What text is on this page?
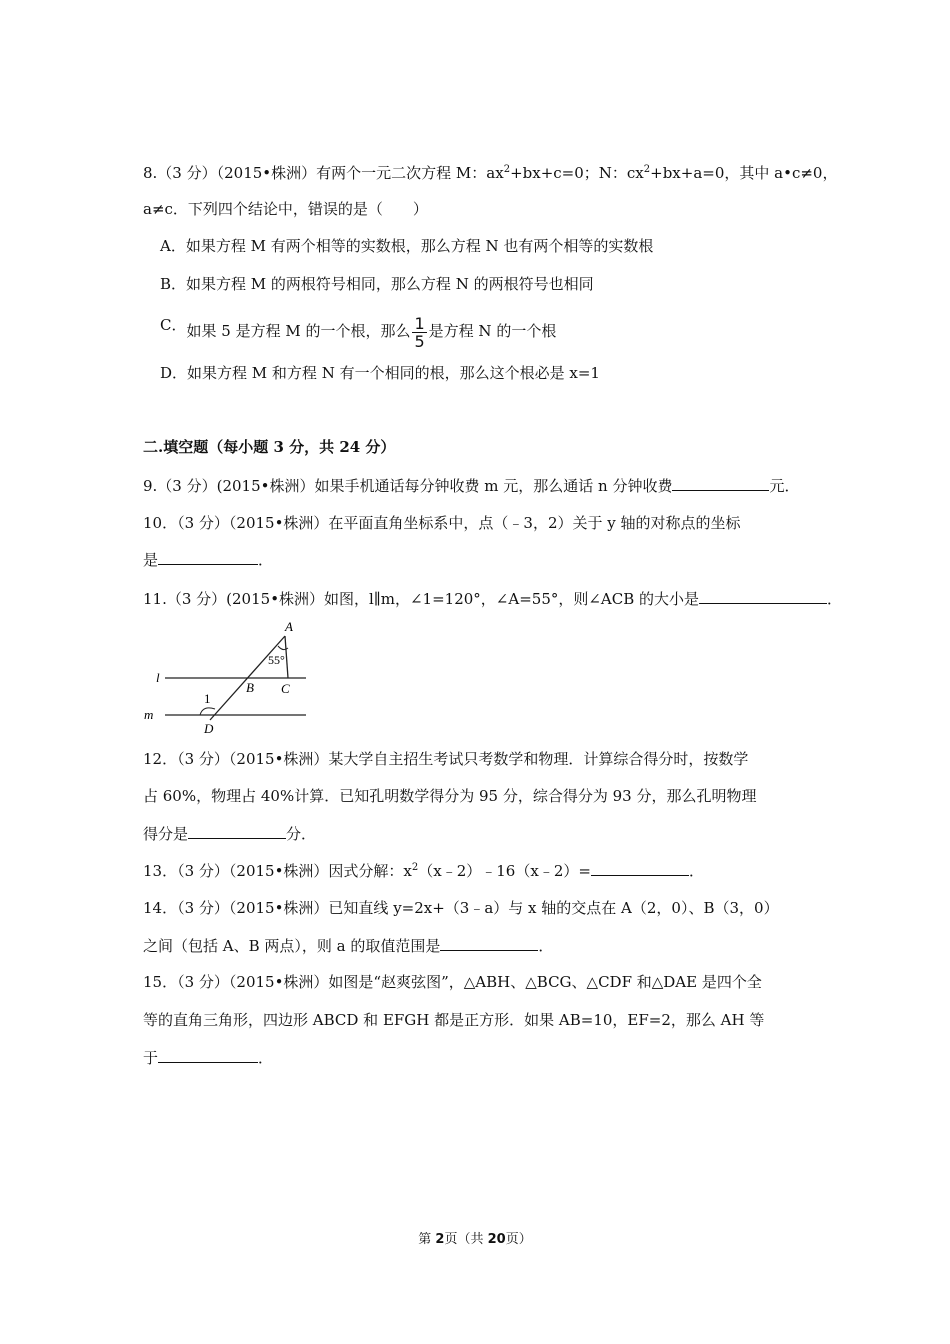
8.（3 分）（2015•株洲）有两个一元二次方程 M：$ax^2+bx+c=0$；N：$cx^2+bx+a=0$，其中 a•c≠0，
a≠c．下列四个结论中，错误的是（　　）
A．如果方程 M 有两个相等的实数根，那么方程 N 也有两个相等的实数根
B．如果方程 M 的两根符号相同，那么方程 N 的两根符号也相同
C．如果 5 是方程 M 的一个根，那么 $\frac{1}{5}$ 是方程 N 的一个根
D．如果方程 M 和方程 N 有一个相同的根，那么这个根必是 x=1
二.填空题（每小题 3 分，共 24 分）
9.（3 分）(2015•株洲）如果手机通话每分钟收费 m 元，那么通话 n 分钟收费	元．
10．（3 分）（2015•株洲）在平面直角坐标系中，点（﹣3，2）关于 y 轴的对称点的坐标
是	．
11.（3 分）(2015•株洲）如图，l∥m，∠1=120°，∠A=55°，则∠ACB 的大小是	．
A
55°
l
B C
1
m
D
12．（3 分）（2015•株洲）某大学自主招生考试只考数学和物理．计算综合得分时，按数学
占 60%，物理占 40%计算．已知孔明数学得分为 95 分，综合得分为 93 分，那么孔明物理
得分是	分．
13．（3 分）（2015•株洲）因式分解：$x^2(x﹣2)﹣16(x﹣2)=$	．
14．（3 分）（2015•株洲）已知直线 y=2x+（3﹣a）与 x 轴的交点在 A（2，0）、B（3，0）
之间（包括 A、B 两点），则 a 的取值范围是	．
15．（3 分）（2015•株洲）如图是“赵爽弦图”，△ABH、△BCG、△CDF 和△DAE 是四个全
等的直角三角形，四边形 ABCD 和 EFGH 都是正方形．如果 AB=10，EF=2，那么 AH 等
于	．
第 2页（共 20页）
